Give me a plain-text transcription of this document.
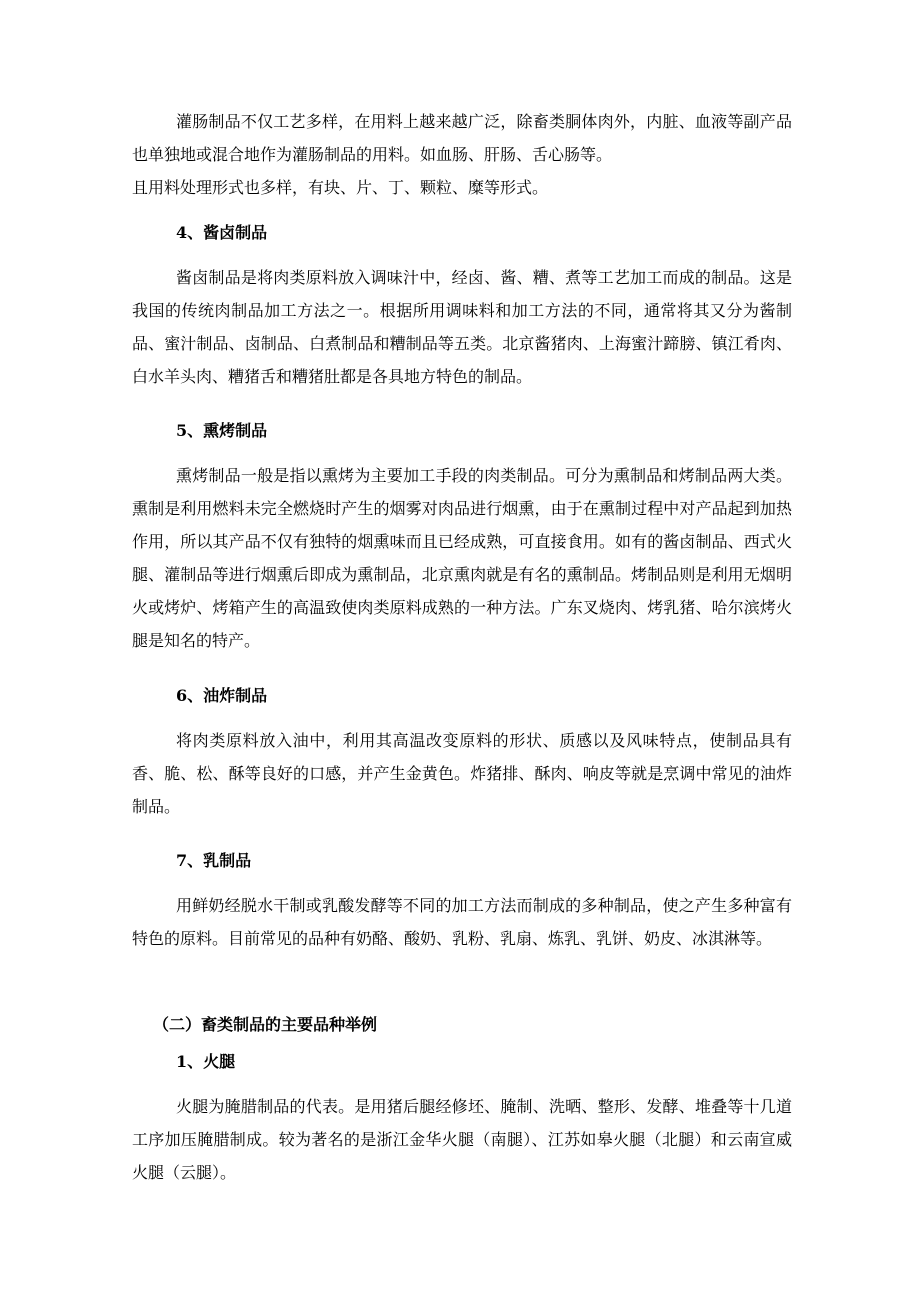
灌肠制品不仅工艺多样，在用料上越来越广泛，除畜类胴体肉外，内脏、血液等副产品也单独地或混合地作为灌肠制品的用料。如血肠、肝肠、舌心肠等。

且用料处理形式也多样，有块、片、丁、颗粒、糜等形式。

4、酱卤制品

酱卤制品是将肉类原料放入调味汁中，经卤、酱、糟、煮等工艺加工而成的制品。这是我国的传统肉制品加工方法之一。根据所用调味料和加工方法的不同，通常将其又分为酱制品、蜜汁制品、卤制品、白煮制品和糟制品等五类。北京酱猪肉、上海蜜汁蹄膀、镇江肴肉、白水羊头肉、糟猪舌和糟猪肚都是各具地方特色的制品。

5、熏烤制品

熏烤制品一般是指以熏烤为主要加工手段的肉类制品。可分为熏制品和烤制品两大类。熏制是利用燃料未完全燃烧时产生的烟雾对肉品进行烟熏，由于在熏制过程中对产品起到加热作用，所以其产品不仅有独特的烟熏味而且已经成熟，可直接食用。如有的酱卤制品、西式火腿、灌制品等进行烟熏后即成为熏制品，北京熏肉就是有名的熏制品。烤制品则是利用无烟明火或烤炉、烤箱产生的高温致使肉类原料成熟的一种方法。广东叉烧肉、烤乳猪、哈尔滨烤火腿是知名的特产。

6、油炸制品

将肉类原料放入油中，利用其高温改变原料的形状、质感以及风味特点，使制品具有香、脆、松、酥等良好的口感，并产生金黄色。炸猪排、酥肉、响皮等就是烹调中常见的油炸制品。

7、乳制品

用鲜奶经脱水干制或乳酸发酵等不同的加工方法而制成的多种制品，使之产生多种富有特色的原料。目前常见的品种有奶酪、酸奶、乳粉、乳扇、炼乳、乳饼、奶皮、冰淇淋等。

（二）畜类制品的主要品种举例
1、火腿

火腿为腌腊制品的代表。是用猪后腿经修坯、腌制、洗晒、整形、发酵、堆叠等十几道工序加压腌腊制成。较为著名的是浙江金华火腿（南腿）、江苏如皋火腿（北腿）和云南宣威火腿（云腿）。
